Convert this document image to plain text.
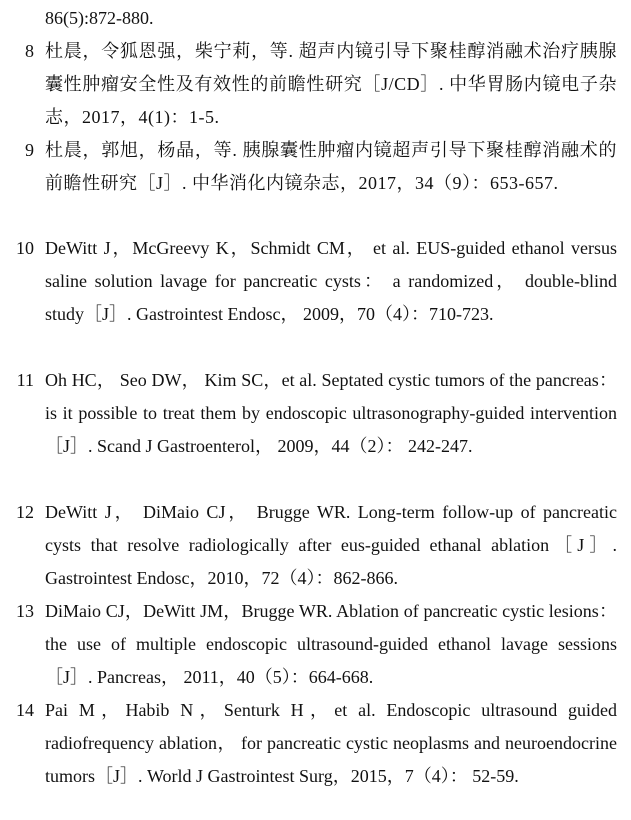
86(5):872-880.
8 杜晨，令狐恩强，柴宁莉，等. 超声内镜引导下聚桂醇消融术治疗胰腺囊性肿瘤安全性及有效性的前瞻性研究［J/CD］. 中华胃肠内镜电子杂志，2017，4(1)：1-5.
9 杜晨，郭旭，杨晶，等. 胰腺囊性肿瘤内镜超声引导下聚桂醇消融术的前瞻性研究［J］. 中华消化内镜杂志，2017，34（9）：653-657.
10 DeWitt J，McGreevy K，Schmidt CM， et al. EUS-guided ethanol versus saline solution lavage for pancreatic cysts： a randomized， double-blind study［J］. Gastrointest Endosc， 2009，70（4）：710-723.
11 Oh HC， Seo DW， Kim SC，et al. Septated cystic tumors of the pancreas： is it possible to treat them by endoscopic ultrasonography-guided intervention［J］. Scand J Gastroenterol， 2009，44（2）： 242-247.
12 DeWitt J， DiMaio CJ， Brugge WR. Long-term follow-up of pancreatic cysts that resolve radiologically after eus-guided ethanal ablation［J］. Gastrointest Endosc，2010，72（4）：862-866.
13 DiMaio CJ，DeWitt JM，Brugge WR. Ablation of pancreatic cystic lesions： the use of multiple endoscopic ultrasound-guided ethanol lavage sessions［J］. Pancreas， 2011，40（5）：664-668.
14 Pai M，Habib N，Senturk H，et al. Endoscopic ultrasound guided radiofrequency ablation， for pancreatic cystic neoplasms and neuroendocrine tumors［J］. World J Gastrointest Surg，2015，7（4）： 52-59.
